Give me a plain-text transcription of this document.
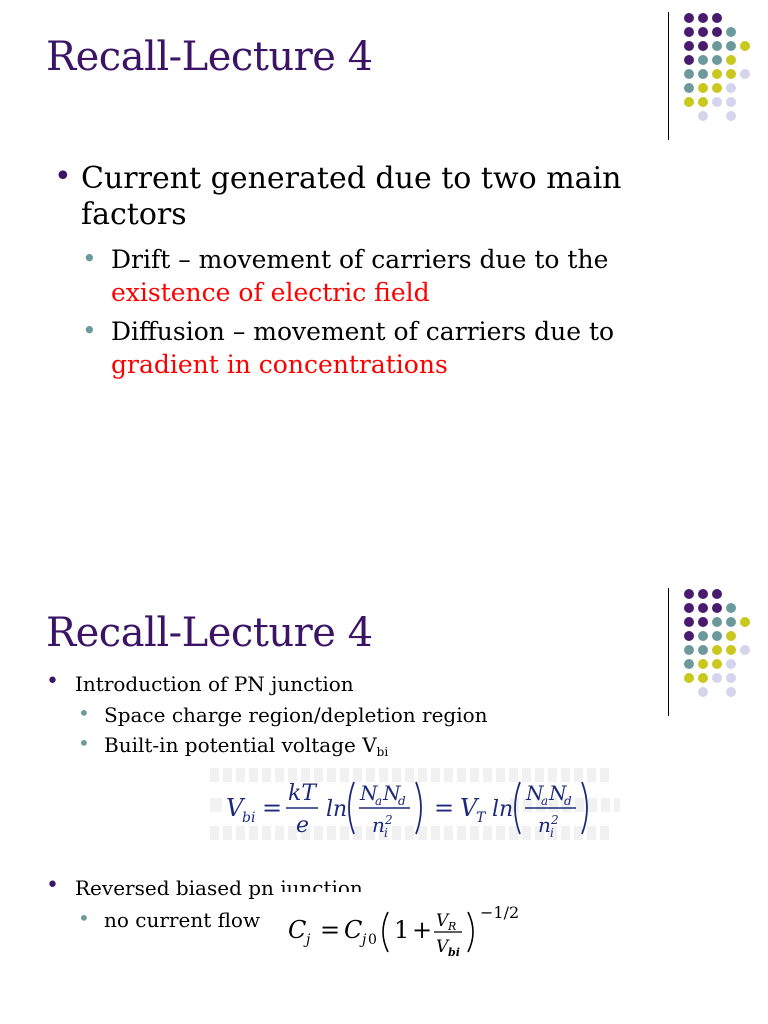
Recall-Lecture 4
• Current generated due to two main
factors
• Drift – movement of carriers due to the
existence of electric field
• Diffusion – movement of carriers due to
gradient in concentrations
Recall-Lecture 4
• Introduction of PN junction
• Space charge region/depletion region
• Built-in potential voltage $V_{bi}$
V
bi =
kT
e
ln
N
a N
d
n 2
i
= V
T ln
N
a N
d
n 2
i
• Reversed biased pn junction
• no current flow C j = C j 0 1 + V R
V bi
−1/2
